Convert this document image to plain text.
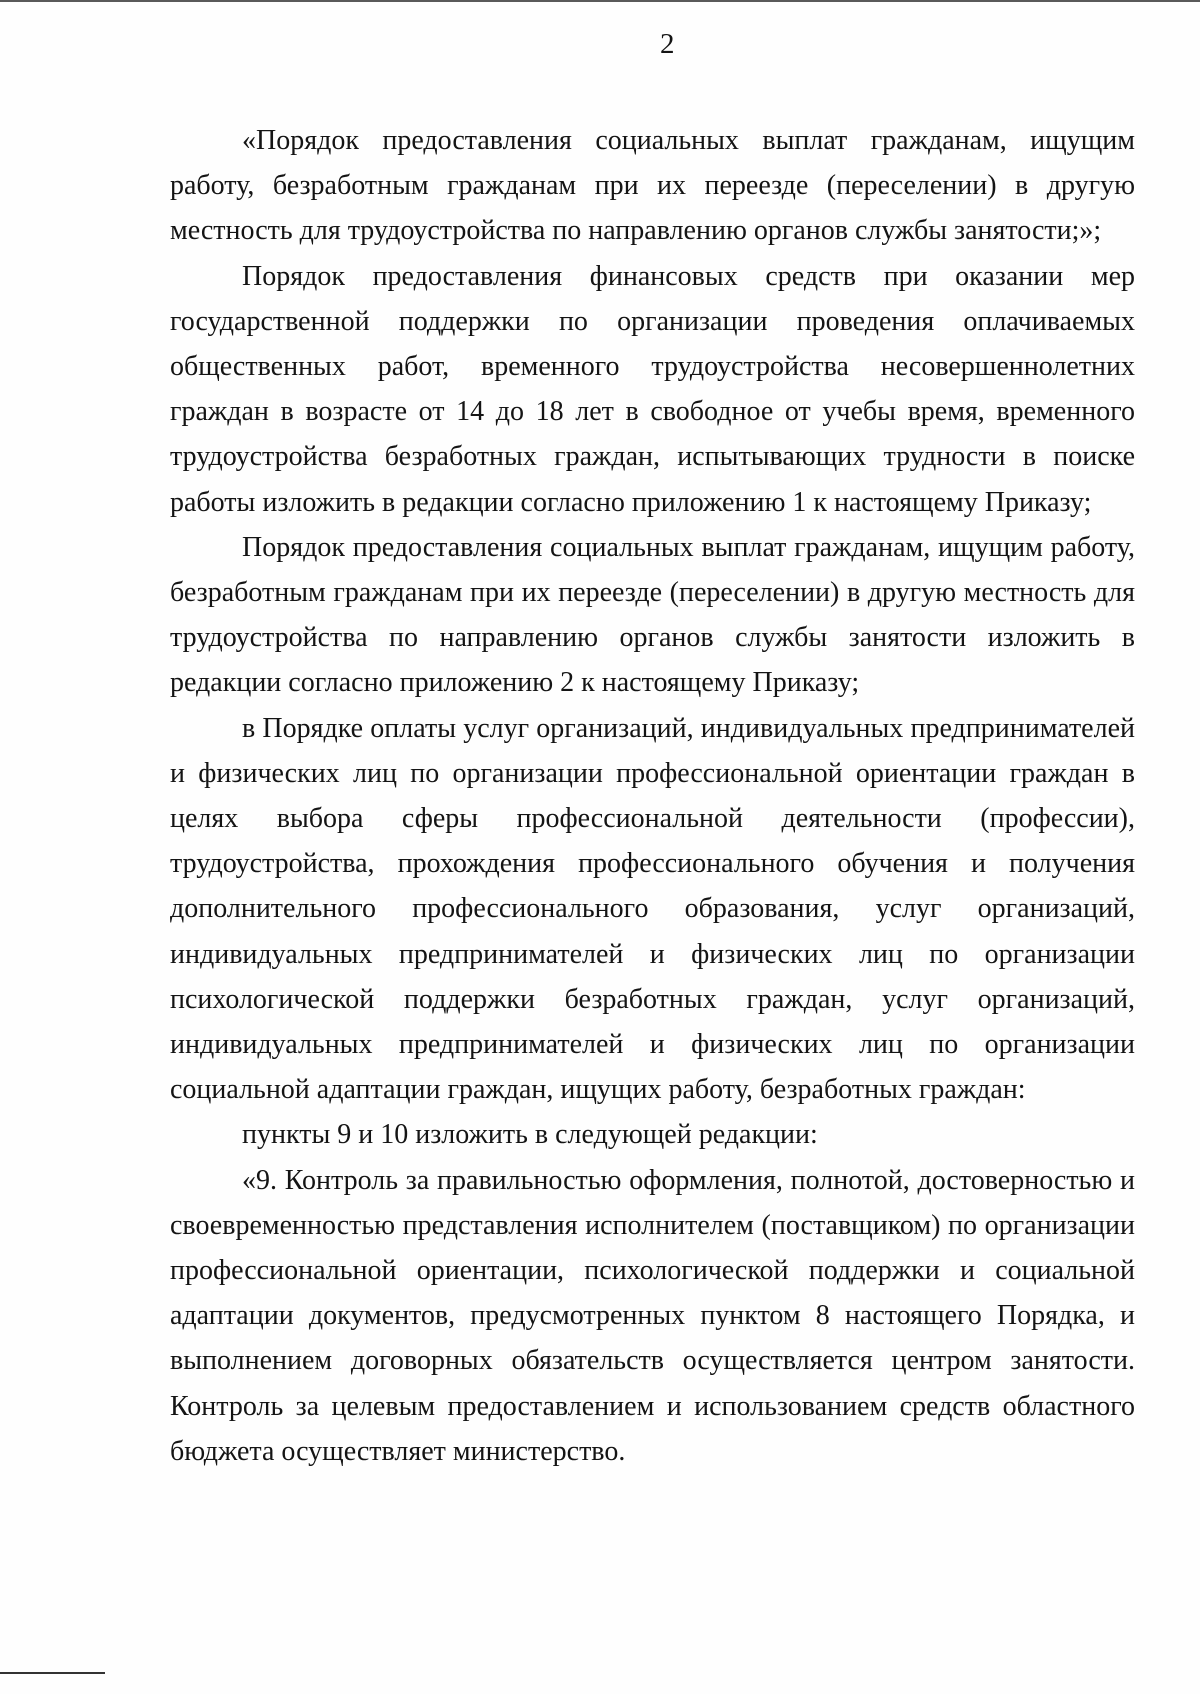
2

«Порядок предоставления социальных выплат гражданам, ищущим работу, безработным гражданам при их переезде (переселении) в другую местность для трудоустройства по направлению органов службы занятости;»;

Порядок предоставления финансовых средств при оказании мер государственной поддержки по организации проведения оплачиваемых общественных работ, временного трудоустройства несовершеннолетних граждан в возрасте от 14 до 18 лет в свободное от учебы время, временного трудоустройства безработных граждан, испытывающих трудности в поиске работы изложить в редакции согласно приложению 1 к настоящему Приказу;

Порядок предоставления социальных выплат гражданам, ищущим работу, безработным гражданам при их переезде (переселении) в другую местность для трудоустройства по направлению органов службы занятости изложить в редакции согласно приложению 2 к настоящему Приказу;

в Порядке оплаты услуг организаций, индивидуальных предпринимателей и физических лиц по организации профессиональной ориентации граждан в целях выбора сферы профессиональной деятельности (профессии), трудоустройства, прохождения профессионального обучения и получения дополнительного профессионального образования, услуг организаций, индивидуальных предпринимателей и физических лиц по организации психологической поддержки безработных граждан, услуг организаций, индивидуальных предпринимателей и физических лиц по организации социальной адаптации граждан, ищущих работу, безработных граждан:

пункты 9 и 10 изложить в следующей редакции:

«9. Контроль за правильностью оформления, полнотой, достоверностью и своевременностью представления исполнителем (поставщиком) по организации профессиональной ориентации, психологической поддержки и социальной адаптации документов, предусмотренных пунктом 8 настоящего Порядка, и выполнением договорных обязательств осуществляется центром занятости. Контроль за целевым предоставлением и использованием средств областного бюджета осуществляет министерство.
